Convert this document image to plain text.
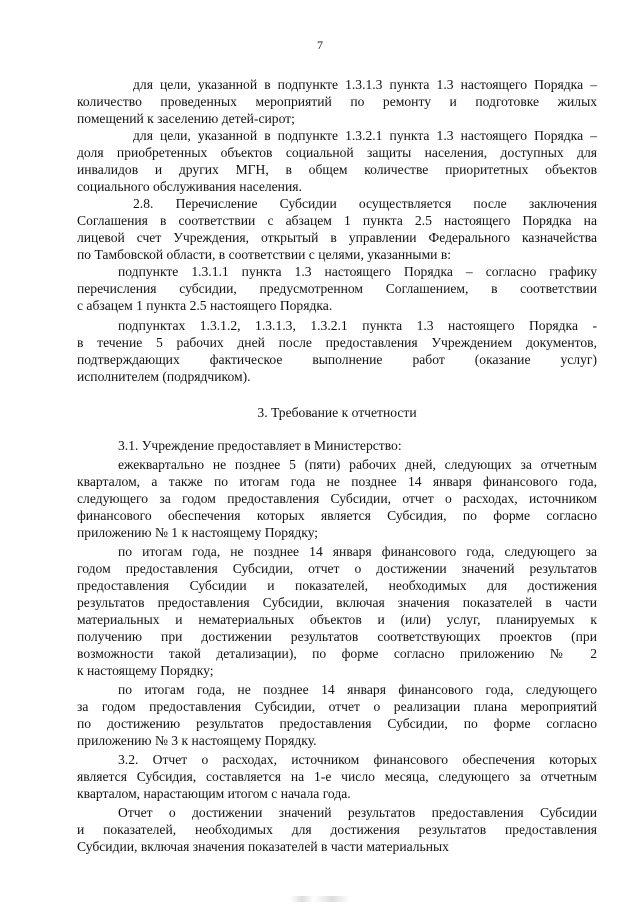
7
для цели, указанной в подпункте 1.3.1.3 пункта 1.3 настоящего Порядка –
количество проведенных мероприятий по ремонту и подготовке жилых
помещений к заселению детей-сирот;
для цели, указанной в подпункте 1.3.2.1 пункта 1.3 настоящего Порядка –
доля приобретенных объектов социальной защиты населения, доступных для
инвалидов и других МГН, в общем количестве приоритетных объектов
социального обслуживания населения.
2.8. Перечисление Субсидии осуществляется после заключения
Соглашения в соответствии с абзацем 1 пункта 2.5 настоящего Порядка на
лицевой счет Учреждения, открытый в управлении Федерального казначейства
по Тамбовской области, в соответствии с целями, указанными в:
подпункте 1.3.1.1 пункта 1.3 настоящего Порядка – согласно графику
перечисления субсидии, предусмотренном Соглашением, в соответствии
с абзацем 1 пункта 2.5 настоящего Порядка.
подпунктах 1.3.1.2, 1.3.1.3, 1.3.2.1 пункта 1.3 настоящего Порядка -
в течение 5 рабочих дней после предоставления Учреждением документов,
подтверждающих фактическое выполнение работ (оказание услуг)
исполнителем (подрядчиком).
3. Требование к отчетности
3.1. Учреждение предоставляет в Министерство:
ежеквартально не позднее 5 (пяти) рабочих дней, следующих за отчетным
кварталом, а также по итогам года не позднее 14 января финансового года,
следующего за годом предоставления Субсидии, отчет о расходах, источником
финансового обеспечения которых является Субсидия, по форме согласно
приложению № 1 к настоящему Порядку;
по итогам года, не позднее 14 января финансового года, следующего за
годом предоставления Субсидии, отчет о достижении значений результатов
предоставления Субсидии и показателей, необходимых для достижения
результатов предоставления Субсидии, включая значения показателей в части
материальных и нематериальных объектов и (или) услуг, планируемых к
получению при достижении результатов соответствующих проектов (при
возможности такой детализации), по форме согласно приложению № 2
к настоящему Порядку;
по итогам года, не позднее 14 января финансового года, следующего
за годом предоставления Субсидии, отчет о реализации плана мероприятий
по достижению результатов предоставления Субсидии, по форме согласно
приложению № 3 к настоящему Порядку.
3.2. Отчет о расходах, источником финансового обеспечения которых
является Субсидия, составляется на 1-е число месяца, следующего за отчетным
кварталом, нарастающим итогом с начала года.
Отчет о достижении значений результатов предоставления Субсидии
и показателей, необходимых для достижения результатов предоставления
Субсидии, включая значения показателей в части материальных
